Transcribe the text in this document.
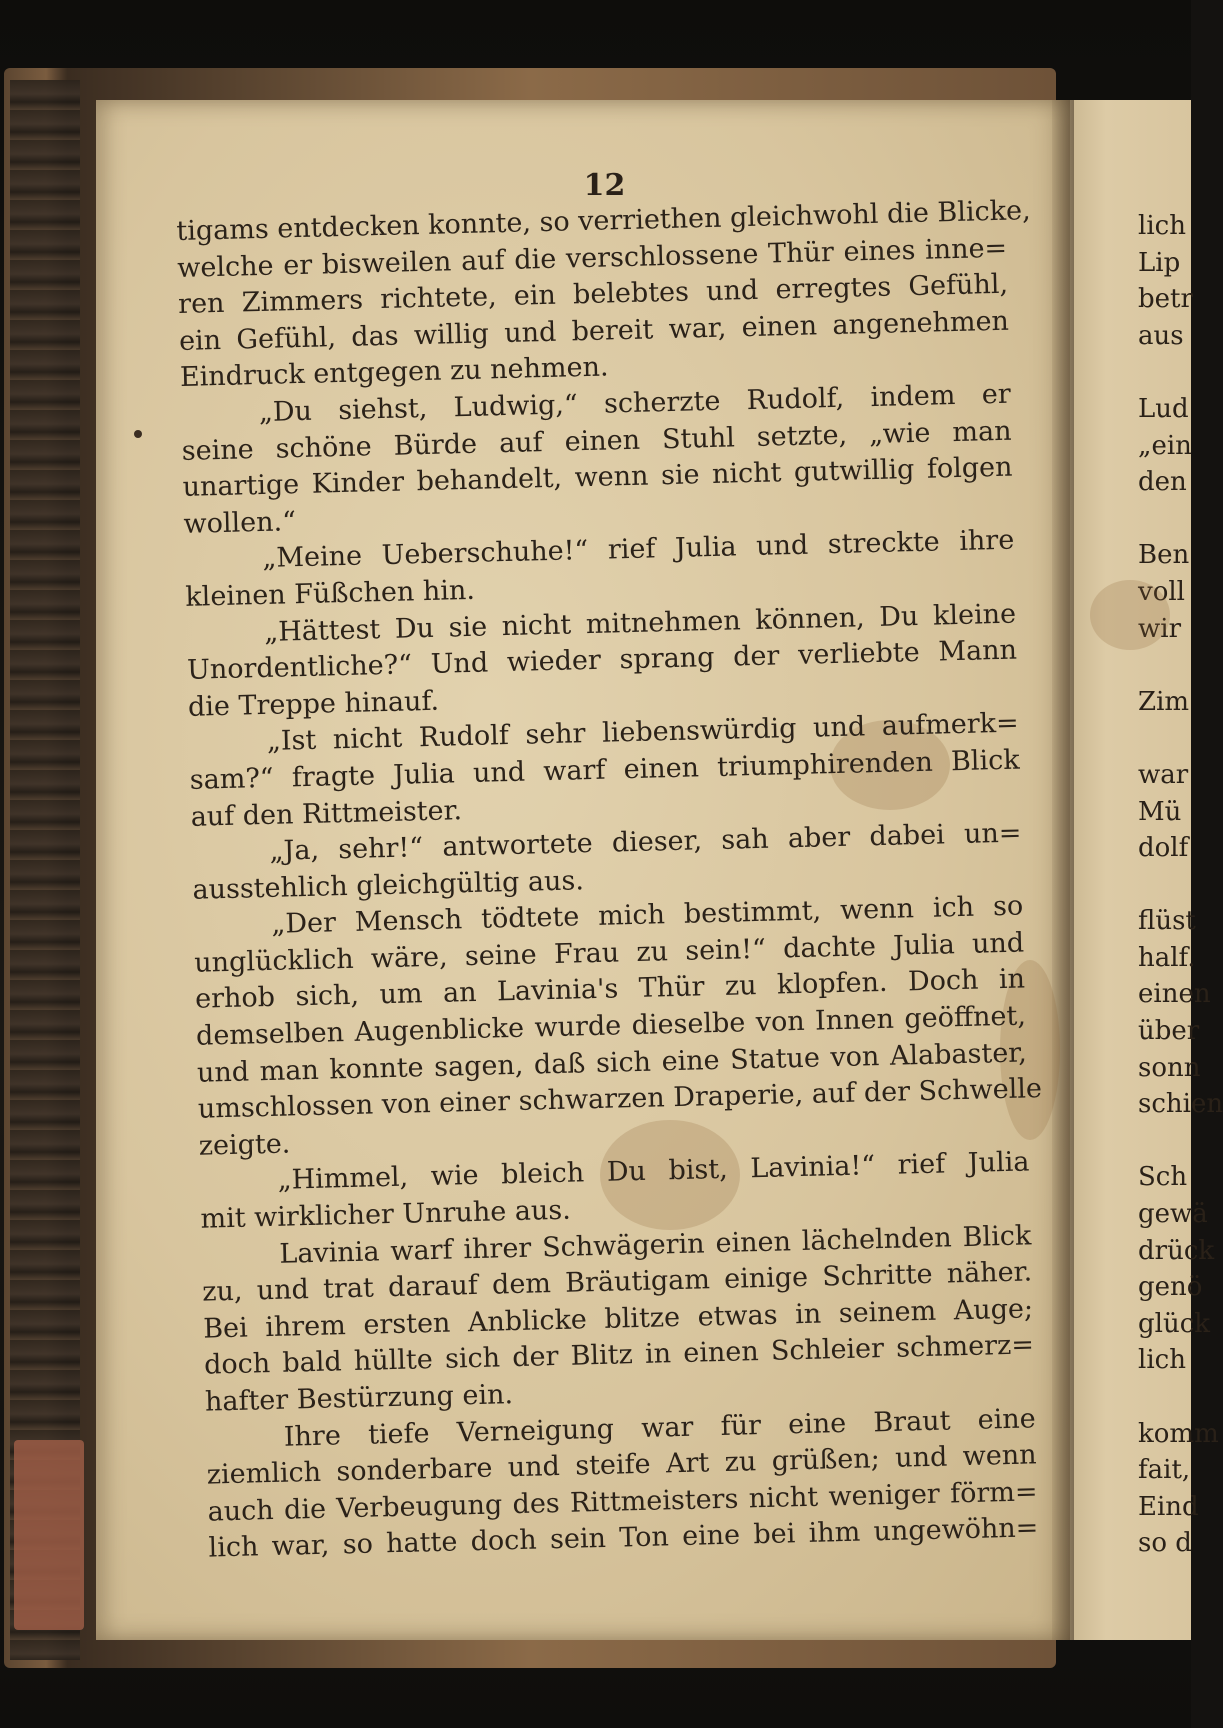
lich
Lip
betr
aus
Lud
„ein
den
Ben
voll
wir
Zim
war
Mü
dolf
flüst
half.
einen
über
sonn
schien
Sch
gewä
drück
genö
glück
lich
komm
fait,
Eind
so d
12
tigams entdecken konnte, so verriethen gleichwohl die Blicke,
welche er bisweilen auf die verschlossene Thür eines inne=
ren Zimmers richtete, ein belebtes und erregtes Gefühl,
ein Gefühl, das willig und bereit war, einen angenehmen
Eindruck entgegen zu nehmen.
„Du siehst, Ludwig,“ scherzte Rudolf, indem er
seine schöne Bürde auf einen Stuhl setzte, „wie man
unartige Kinder behandelt, wenn sie nicht gutwillig folgen
wollen.“
„Meine Ueberschuhe!“ rief Julia und streckte ihre
kleinen Füßchen hin.
„Hättest Du sie nicht mitnehmen können, Du kleine
Unordentliche?“ Und wieder sprang der verliebte Mann
die Treppe hinauf.
„Ist nicht Rudolf sehr liebenswürdig und aufmerk=
sam?“ fragte Julia und warf einen triumphirenden Blick
auf den Rittmeister.
„Ja, sehr!“ antwortete dieser, sah aber dabei un=
ausstehlich gleichgültig aus.
„Der Mensch tödtete mich bestimmt, wenn ich so
unglücklich wäre, seine Frau zu sein!“ dachte Julia und
erhob sich, um an Lavinia's Thür zu klopfen. Doch in
demselben Augenblicke wurde dieselbe von Innen geöffnet,
und man konnte sagen, daß sich eine Statue von Alabaster,
umschlossen von einer schwarzen Draperie, auf der Schwelle
zeigte.
„Himmel, wie bleich Du bist, Lavinia!“ rief Julia
mit wirklicher Unruhe aus.
Lavinia warf ihrer Schwägerin einen lächelnden Blick
zu, und trat darauf dem Bräutigam einige Schritte näher.
Bei ihrem ersten Anblicke blitze etwas in seinem Auge;
doch bald hüllte sich der Blitz in einen Schleier schmerz=
hafter Bestürzung ein.
Ihre tiefe Verneigung war für eine Braut eine
ziemlich sonderbare und steife Art zu grüßen; und wenn
auch die Verbeugung des Rittmeisters nicht weniger förm=
lich war, so hatte doch sein Ton eine bei ihm ungewöhn=
